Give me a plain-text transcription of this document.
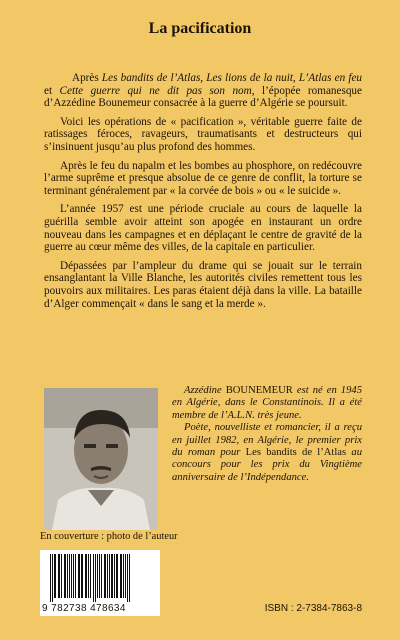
La pacification

Après Les bandits de l’Atlas, Les lions de la nuit, L’Atlas en feu et Cette guerre qui ne dit pas son nom, l’épopée romanesque d’Azzédine Bounemeur consacrée à la guerre d’Algérie se poursuit.

Voici les opérations de « pacification », véritable guerre faite de ratissages féroces, ravageurs, traumatisants et destructeurs qui s’insinuent jusqu’au plus profond des hommes.

Après le feu du napalm et les bombes au phosphore, on redécouvre l’arme suprême et presque absolue de ce genre de conflit, la torture se terminant généralement par « la corvée de bois » ou « le suicide ».

L’année 1957 est une période cruciale au cours de laquelle la guérilla semble avoir atteint son apogée en instaurant un ordre nouveau dans les campagnes et en déplaçant le centre de gravité de la guerre au cœur même des villes, de la capitale en particulier.

Dépassées par l’ampleur du drame qui se jouait sur le terrain ensanglantant la Ville Blanche, les autorités civiles remettent tous les pouvoirs aux militaires. Les paras étaient déjà dans la ville. La bataille d’Alger commençait « dans le sang et la merde ».

Azzédine BOUNEMEUR est né en 1945 en Algérie, dans le Constantinois. Il a été membre de l’A.L.N. très jeune.

Poète, nouvelliste et romancier, il a reçu en juillet 1982, en Algérie, le premier prix du roman pour Les bandits de l’Atlas au concours pour les prix du Vingtième anniversaire de l’Indépendance.

En couverture : photo de l’auteur
9 782738 478634	ISBN : 2-7384-7863-8
